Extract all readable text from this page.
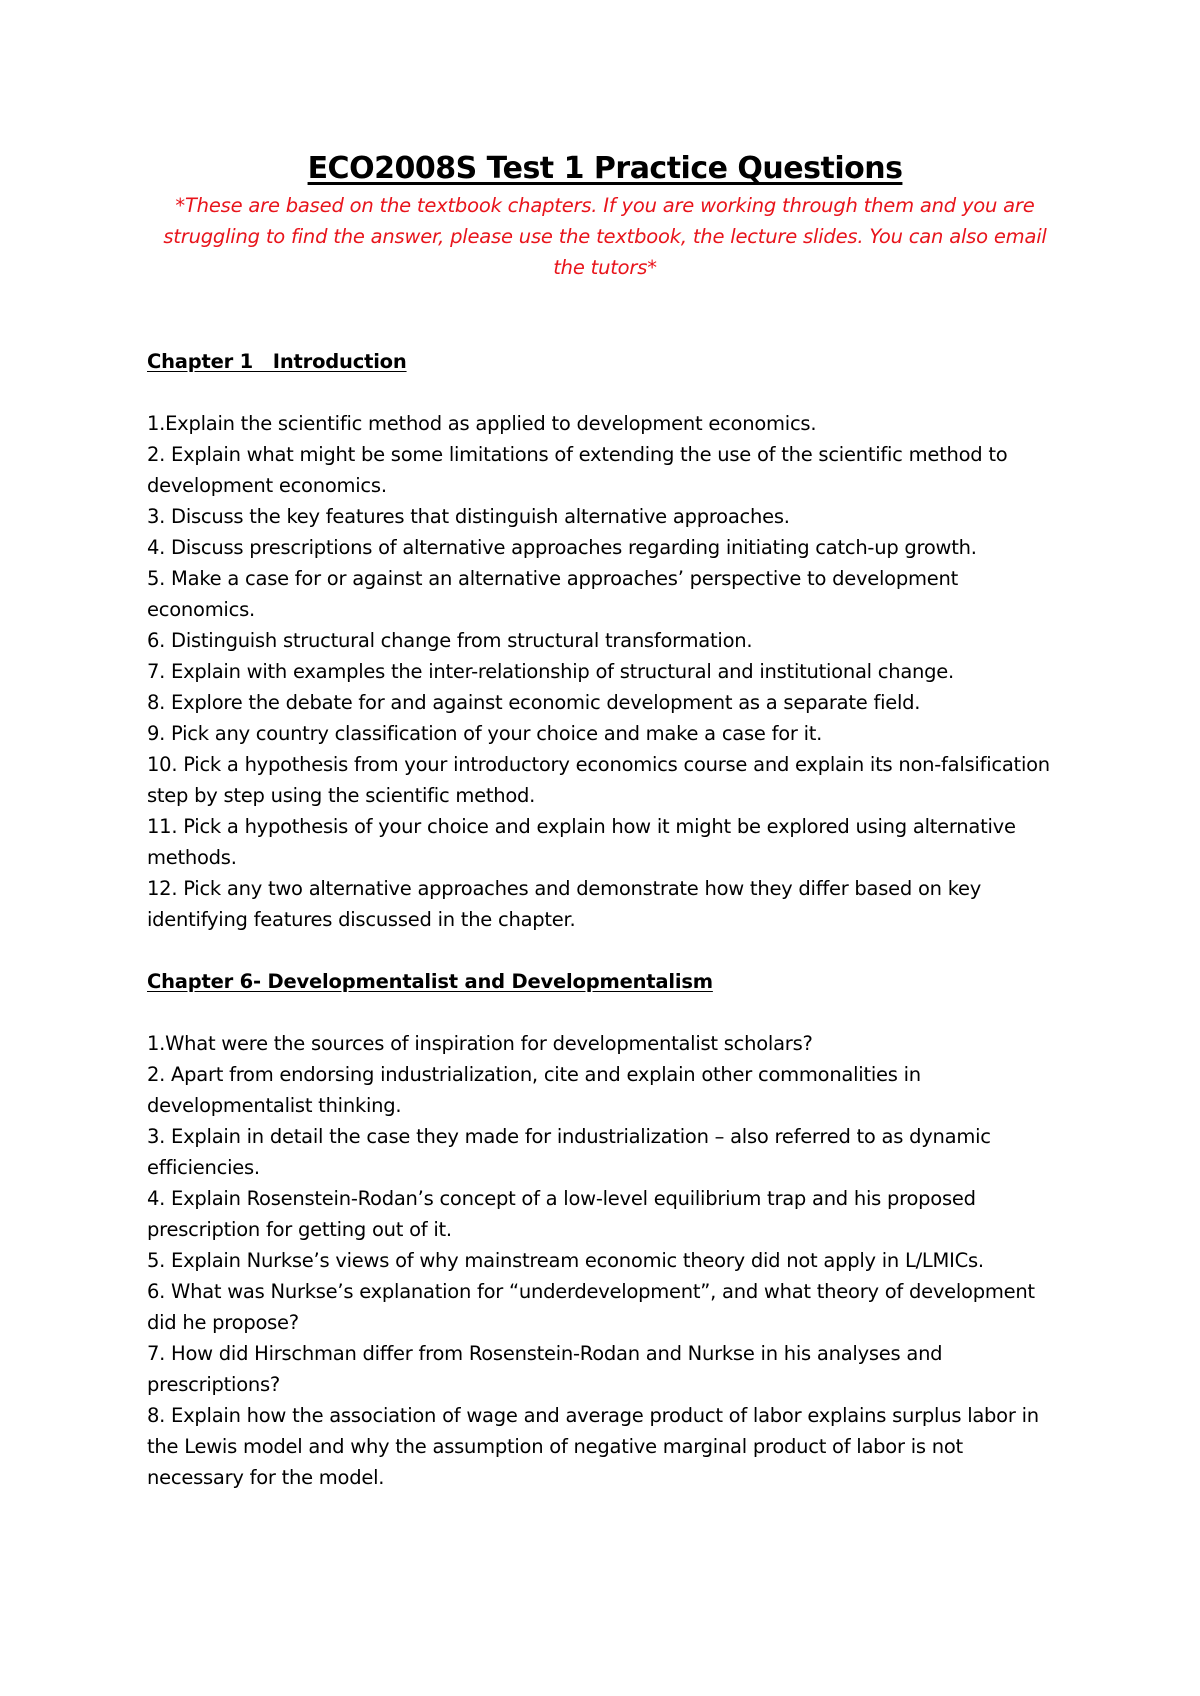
ECO2008S Test 1 Practice Questions

*These are based on the textbook chapters. If you are working through them and you are struggling to find the answer, please use the textbook, the lecture slides. You can also email the tutors*

Chapter 1   Introduction
1.Explain the scientific method as applied to development economics.
2. Explain what might be some limitations of extending the use of the scientific method to development economics.
3. Discuss the key features that distinguish alternative approaches.
4. Discuss prescriptions of alternative approaches regarding initiating catch-up growth.
5. Make a case for or against an alternative approaches’ perspective to development economics.
6. Distinguish structural change from structural transformation.
7. Explain with examples the inter-relationship of structural and institutional change.
8. Explore the debate for and against economic development as a separate field.
9. Pick any country classification of your choice and make a case for it.
10. Pick a hypothesis from your introductory economics course and explain its non-falsification step by step using the scientific method.
11. Pick a hypothesis of your choice and explain how it might be explored using alternative methods.
12. Pick any two alternative approaches and demonstrate how they differ based on key identifying features discussed in the chapter.
Chapter 6- Developmentalist and Developmentalism
1.What were the sources of inspiration for developmentalist scholars?
2. Apart from endorsing industrialization, cite and explain other commonalities in developmentalist thinking.
3. Explain in detail the case they made for industrialization – also referred to as dynamic efficiencies.
4. Explain Rosenstein-Rodan’s concept of a low-level equilibrium trap and his proposed prescription for getting out of it.
5. Explain Nurkse’s views of why mainstream economic theory did not apply in L/LMICs.
6. What was Nurkse’s explanation for “underdevelopment”, and what theory of development did he propose?
7. How did Hirschman differ from Rosenstein-Rodan and Nurkse in his analyses and prescriptions?
8. Explain how the association of wage and average product of labor explains surplus labor in the Lewis model and why the assumption of negative marginal product of labor is not necessary for the model.
